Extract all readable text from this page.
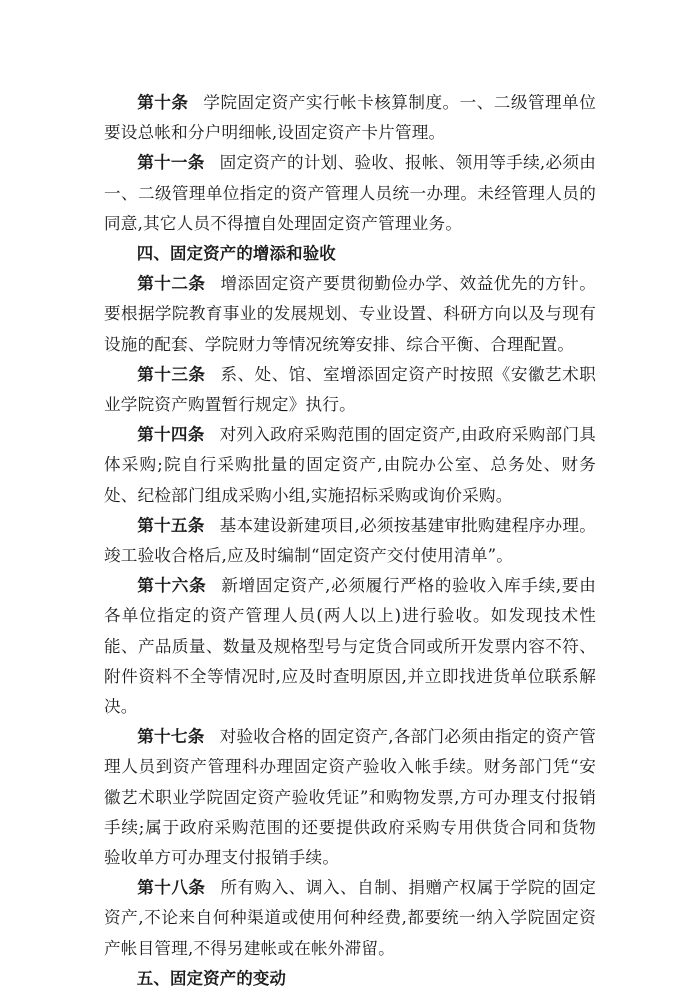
第十条 学院固定资产实行帐卡核算制度。一、二级管理单位要设总帐和分户明细帐,设固定资产卡片管理。

第十一条 固定资产的计划、验收、报帐、领用等手续,必须由一、二级管理单位指定的资产管理人员统一办理。未经管理人员的同意,其它人员不得擅自处理固定资产管理业务。

四、固定资产的增添和验收

第十二条 增添固定资产要贯彻勤俭办学、效益优先的方针。要根据学院教育事业的发展规划、专业设置、科研方向以及与现有设施的配套、学院财力等情况统筹安排、综合平衡、合理配置。

第十三条 系、处、馆、室增添固定资产时按照《安徽艺术职业学院资产购置暂行规定》执行。

第十四条 对列入政府采购范围的固定资产,由政府采购部门具体采购;院自行采购批量的固定资产,由院办公室、总务处、财务处、纪检部门组成采购小组,实施招标采购或询价采购。

第十五条 基本建设新建项目,必须按基建审批购建程序办理。竣工验收合格后,应及时编制“固定资产交付使用清单”。

第十六条 新增固定资产,必须履行严格的验收入库手续,要由各单位指定的资产管理人员(两人以上)进行验收。如发现技术性能、产品质量、数量及规格型号与定货合同或所开发票内容不符、附件资料不全等情况时,应及时查明原因,并立即找进货单位联系解决。

第十七条 对验收合格的固定资产,各部门必须由指定的资产管理人员到资产管理科办理固定资产验收入帐手续。财务部门凭“安徽艺术职业学院固定资产验收凭证”和购物发票,方可办理支付报销手续;属于政府采购范围的还要提供政府采购专用供货合同和货物验收单方可办理支付报销手续。

第十八条 所有购入、调入、自制、捐赠产权属于学院的固定资产,不论来自何种渠道或使用何种经费,都要统一纳入学院固定资产帐目管理,不得另建帐或在帐外滞留。

五、固定资产的变动
